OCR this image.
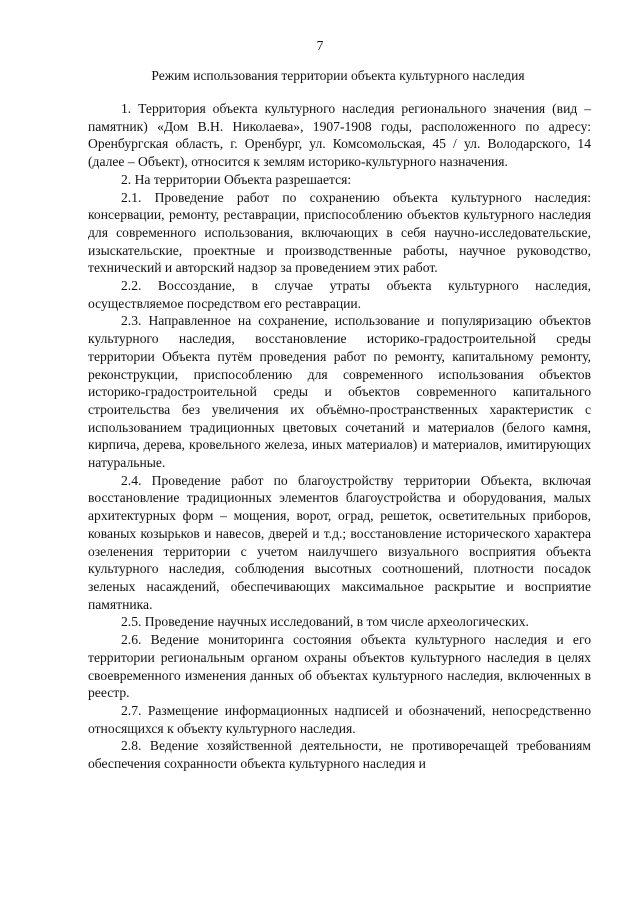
7
Режим использования территории объекта культурного наследия

1. Территория объекта культурного наследия регионального значения (вид – памятник) «Дом В.Н. Николаева», 1907-1908 годы, расположенного по адресу: Оренбургская область, г. Оренбург, ул. Комсомольская, 45 / ул. Володарского, 14 (далее – Объект), относится к землям историко-культурного назначения.

2. На территории Объекта разрешается:

2.1. Проведение работ по сохранению объекта культурного наследия: консервации, ремонту, реставрации, приспособлению объектов культурного наследия для современного использования, включающих в себя научно-исследовательские, изыскательские, проектные и производственные работы, научное руководство, технический и авторский надзор за проведением этих работ.

2.2. Воссоздание, в случае утраты объекта культурного наследия, осуществляемое посредством его реставрации.

2.3. Направленное на сохранение, использование и популяризацию объектов культурного наследия, восстановление историко-градостроительной среды территории Объекта путём проведения работ по ремонту, капитальному ремонту, реконструкции, приспособлению для современного использования объектов историко-градостроительной среды и объектов современного капитального строительства без увеличения их объёмно-пространственных характеристик с использованием традиционных цветовых сочетаний и материалов (белого камня, кирпича, дерева, кровельного железа, иных материалов) и материалов, имитирующих натуральные.

2.4. Проведение работ по благоустройству территории Объекта, включая восстановление традиционных элементов благоустройства и оборудования, малых архитектурных форм – мощения, ворот, оград, решеток, осветительных приборов, кованых козырьков и навесов, дверей и т.д.; восстановление исторического характера озеленения территории с учетом наилучшего визуального восприятия объекта культурного наследия, соблюдения высотных соотношений, плотности посадок зеленых насаждений, обеспечивающих максимальное раскрытие и восприятие памятника.

2.5. Проведение научных исследований, в том числе археологических.

2.6. Ведение мониторинга состояния объекта культурного наследия и его территории региональным органом охраны объектов культурного наследия в целях своевременного изменения данных об объектах культурного наследия, включенных в реестр.

2.7. Размещение информационных надписей и обозначений, непосредственно относящихся к объекту культурного наследия.

2.8. Ведение хозяйственной деятельности, не противоречащей требованиям обеспечения сохранности объекта культурного наследия и
